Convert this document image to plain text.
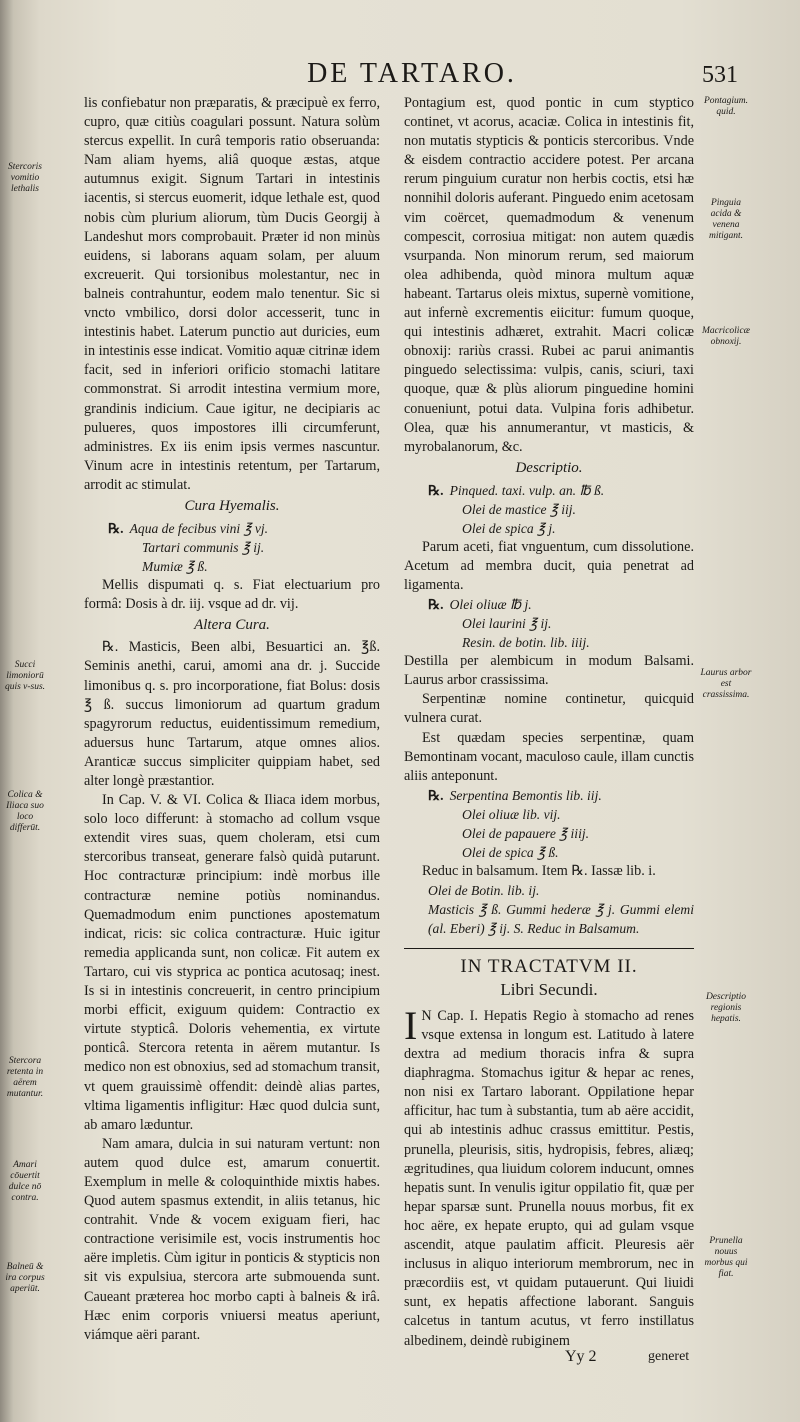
DE TARTARO.	531

lis confiebatur non præparatis, & præcipuè ex ferro, cupro, quæ citiùs coagulari possunt. Natura solùm stercus expellit. In curâ temporis ratio obseruanda: Nam aliam hyems, aliâ quoque æstas, atque autumnus exigit. Signum Tartari in intestinis iacentis, si stercus euomerit, idque lethale est, quod nobis cùm plurium aliorum, tùm Ducis Georgij à Landeshut mors comprobauit. Præter id non minùs euidens, si laborans aquam solam, per aluum excreuerit. Qui torsionibus molestantur, nec in balneis contrahuntur, eodem malo tenentur. Sic si vncto vmbilico, dorsi dolor accesserit, tunc in intestinis habet. Laterum punctio aut duricies, eum in intestinis esse indicat. Vomitio aquæ citrinæ idem facit, sed in inferiori orificio stomachi latitare commonstrat. Si arrodit intestina vermium more, grandinis indicium. Caue igitur, ne decipiaris ac pulueres, quos impostores illi circumferunt, administres. Ex iis enim ipsis vermes nascuntur. Vinum acre in intestinis retentum, per Tartarum, arrodit ac stimulat.

Cura Hyemalis.

℞. Aqua de fecibus vini ℥ vj.
Tartari communis ℥ ij.
Mumiæ ℥ ß.

Mellis dispumati q. s. Fiat electuarium pro formâ: Dosis à dr. iij. vsque ad dr. vij.

Altera Cura.

℞. Masticis, Been albi, Besuartici an. ℥ß. Seminis anethi, carui, amomi ana dr. j. Succide limonibus q. s. pro incorporatione, fiat Bolus: dosis ℥ ß. succus limoniorum ad quartum gradum spagyrorum reductus, euidentissimum remedium, aduersus hunc Tartarum, atque omnes alios. Aranticæ succus simpliciter quippiam habet, sed alter longè præstantior.

In Cap. V. & VI. Colica & Iliaca idem morbus, solo loco differunt: à stomacho ad collum vsque extendit vires suas, quem choleram, etsi cum stercoribus transeat, generare falsò quidà putarunt. Hoc contracturæ principium: indè morbus ille contracturæ nemine potiùs nominandus. Quemadmodum enim punctiones apostematum indicat, ricis: sic colica contracturæ. Huic igitur remedia applicanda sunt, non colicæ. Fit autem ex Tartaro, cui vis styprica ac pontica acutosaq; inest. Is si in intestinis concreuerit, in centro principium morbi efficit, exiguum quidem: Contractio ex virtute stypticâ. Doloris vehementia, ex virtute ponticâ. Stercora retenta in aërem mutantur. Is medico non est obnoxius, sed ad stomachum transit, vt quem grauissimè offendit: deindè alias partes, vltima ligamentis infligitur: Hæc quod dulcia sunt, ab amaro læduntur.

Nam amara, dulcia in sui naturam vertunt: non autem quod dulce est, amarum conuertit. Exemplum in melle & coloquinthide mixtis habes. Quod autem spasmus extendit, in aliis tetanus, hic contrahit. Vnde & vocem exiguam fieri, hac contractione verisimile est, vocis instrumentis hoc aëre impletis. Cùm igitur in ponticis & stypticis non sit vis expulsiua, stercora arte submouenda sunt. Caueant præterea hoc morbo capti à balneis & irâ. Hæc enim corporis vniuersi meatus aperiunt, viámque aëri parant.

Pontagium est, quod pontic in cum styptico continet, vt acorus, acaciæ. Colica in intestinis fit, non mutatis stypticis & ponticis stercoribus. Vnde & eisdem contractio accidere potest. Per arcana rerum pinguium curatur non herbis coctis, etsi hæ nonnihil doloris auferant. Pinguedo enim acetosam vim coërcet, quemadmodum & venenum compescit, corrosiua mitigat: non autem quædis vsurpanda. Non minorum rerum, sed maiorum olea adhibenda, quòd minora multum aquæ habeant. Tartarus oleis mixtus, supernè vomitione, aut infernè excrementis eiicitur: fumum quoque, qui intestinis adhæret, extrahit. Macri colicæ obnoxij: rariùs crassi. Rubei ac parui animantis pinguedo selectissima: vulpis, canis, sciuri, taxi quoque, quæ & plùs aliorum pinguedine homini conueniunt, potui data. Vulpina foris adhibetur. Olea, quæ his annumerantur, vt masticis, & myrobalanorum, &c.

Descriptio.

℞. Pinqued. taxi. vulp. an. ℔ ß.
Olei de mastice ℥ iij.
Olei de spica ℥ j.

Parum aceti, fiat vnguentum, cum dissolutione. Acetum ad membra ducit, quia penetrat ad ligamenta.

℞. Olei oliuæ ℔ j.
Olei laurini ℥ ij.
Resin. de botin. lib. iiij.

Destilla per alembicum in modum Balsami. Laurus arbor crassissima.

Serpentinæ nomine continetur, quicquid vulnera curat.

Est quædam species serpentinæ, quam Bemontinam vocant, maculoso caule, illam cunctis aliis anteponunt.

℞. Serpentina Bemontis lib. iij.
Olei oliuæ lib. vij.
Olei de papauere ℥ iiij.
Olei de spica ℥ ß.

Reduc in balsamum. Item ℞. Iassæ lib. i.

Olei de Botin. lib. ij.
Masticis ℥ ß. Gummi hederæ ℥ j. Gummi elemi (al. Eberi) ℥ ij. S. Reduc in Balsamum.
IN TRACTATVM II.
Libri Secundi.

I N Cap. I. Hepatis Regio à stomacho ad renes vsque extensa in longum est. Latitudo à latere dextra ad medium thoracis infra & supra diaphragma. Stomachus igitur & hepar ac renes, non nisi ex Tartaro laborant. Oppilatione hepar afficitur, hac tum à substantia, tum ab aëre accidit, qui ab intestinis adhuc crassus emittitur. Pestis, prunella, pleurisis, sitis, hydropisis, febres, aliæq; ægritudines, qua liuidum colorem inducunt, omnes hepatis sunt. In venulis igitur oppilatio fit, quæ per hepar sparsæ sunt. Prunella nouus morbus, fit ex hoc aëre, ex hepate erupto, qui ad gulam vsque ascendit, atque paulatim afficit. Pleuresis aër inclusus in aliquo interiorum membrorum, nec in præcordiis est, vt quidam putauerunt. Qui liuidi sunt, ex hepatis affectione laborant. Sanguis calcetus in tantum acutus, vt ferro instillatus albedinem, deindè rubiginem

Stercoris vomitio lethalis
Succi limoniorū quis v-sus.
Colica & Iliaca suo loco differūt.
Stercora retenta in aërem mutantur.
Amari cōuertit dulce nō contra.
Balneū & ira corpus aperiūt.
Pontagium. quid.
Pinguia acida & venena mitigant.
Macricolicæ obnoxij.
Laurus arbor est crassissima.
Descriptio regionis hepatis.
Prunella nouus morbus qui fiat.
Yy 2	generet
